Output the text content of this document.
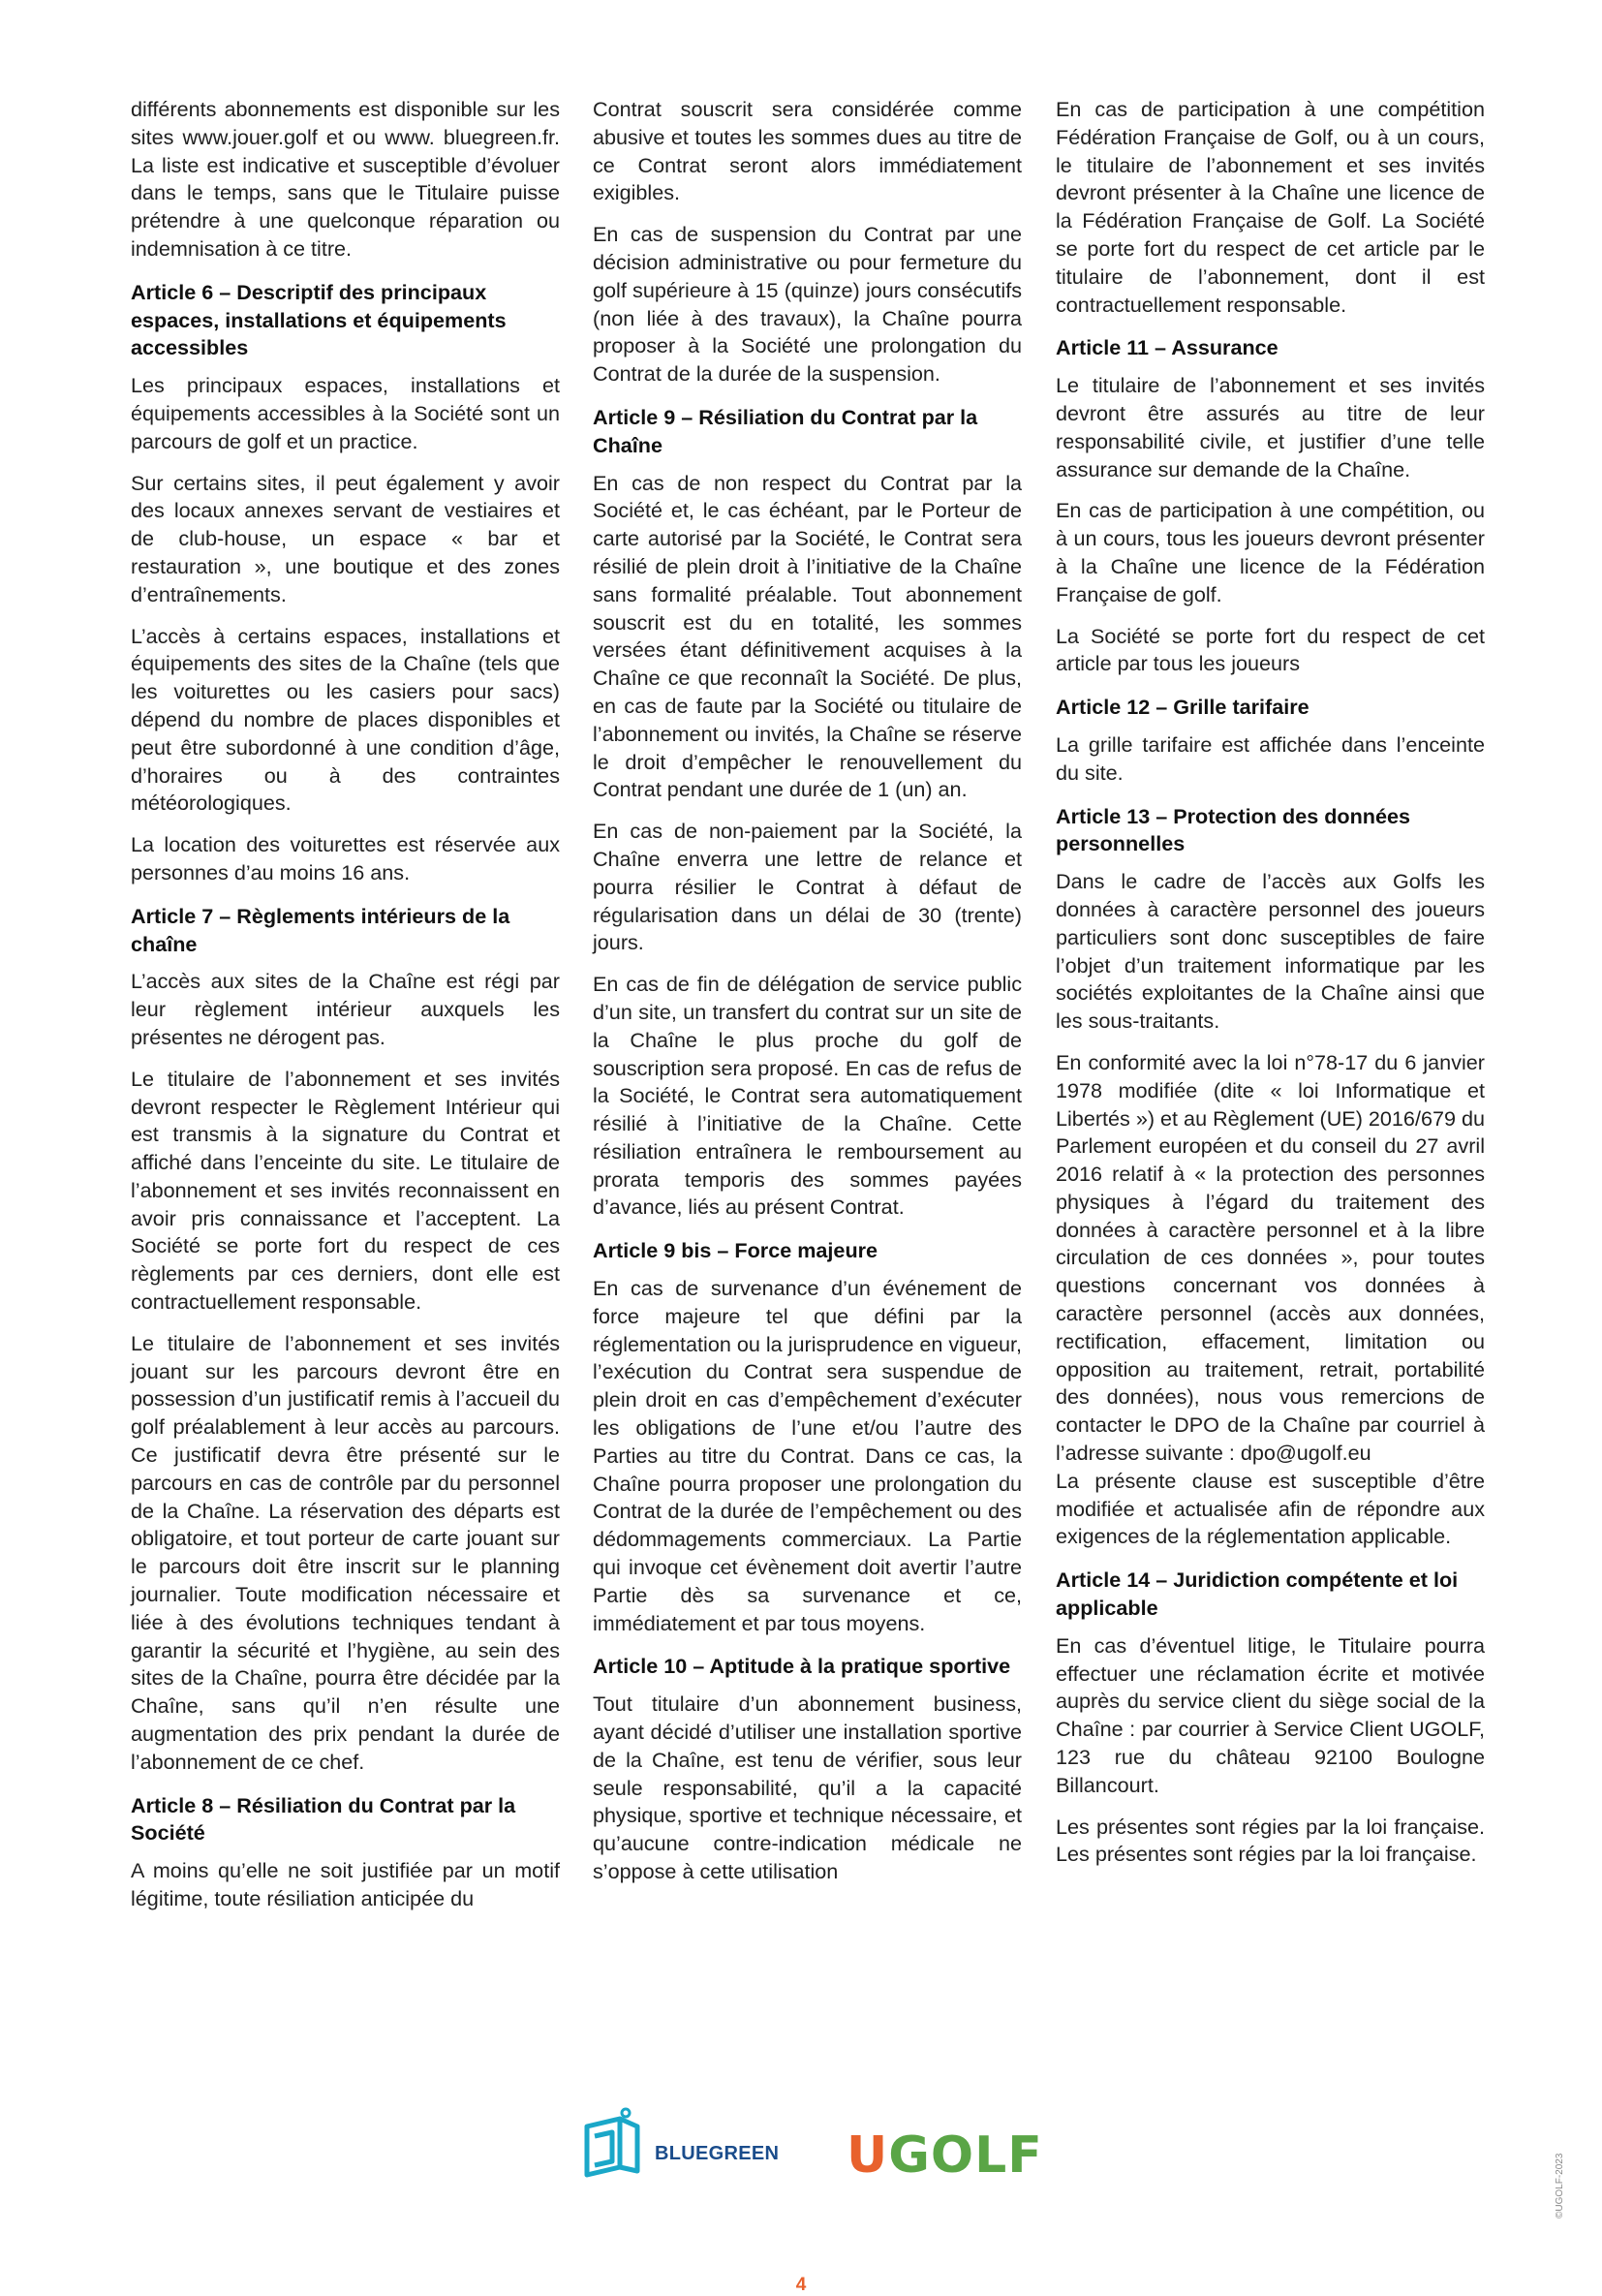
différents abonnements est disponible sur les sites www.jouer.golf et ou www. bluegreen.fr. La liste est indicative et susceptible d’évoluer dans le temps, sans que le Titulaire puisse prétendre à une quelconque réparation ou indemnisation à ce titre.

Article 6 – Descriptif des principaux espaces, installations et équipements accessibles

Les principaux espaces, installations et équipements accessibles à la Société sont un parcours de golf et un practice.

Sur certains sites, il peut également y avoir des locaux annexes servant de vestiaires et de club-house, un espace « bar et restauration », une boutique et des zones d’entraînements.

L’accès à certains espaces, installations et équipements des sites de la Chaîne (tels que les voiturettes ou les casiers pour sacs) dépend du nombre de places disponibles et peut être subordonné à une condition d’âge, d’horaires ou à des contraintes météorologiques.

La location des voiturettes est réservée aux personnes d’au moins 16 ans.

Article 7 – Règlements intérieurs de la chaîne

L’accès aux sites de la Chaîne est régi par leur règlement intérieur auxquels les présentes ne dérogent pas.

Le titulaire de l’abonnement et ses invités devront respecter le Règlement Intérieur qui est transmis à la signature du Contrat et affiché dans l’enceinte du site. Le titulaire de l’abonnement et ses invités reconnaissent en avoir pris connaissance et l’acceptent. La Société se porte fort du respect de ces règlements par ces derniers, dont elle est contractuellement responsable.

Le titulaire de l’abonnement et ses invités jouant sur les parcours devront être en possession d’un justificatif remis à l’accueil du golf préalablement à leur accès au parcours. Ce justificatif devra être présenté sur le parcours en cas de contrôle par du personnel de la Chaîne. La réservation des départs est obligatoire, et tout porteur de carte jouant sur le parcours doit être inscrit sur le planning journalier. Toute modification nécessaire et liée à des évolutions techniques tendant à garantir la sécurité et l’hygiène, au sein des sites de la Chaîne, pourra être décidée par la Chaîne, sans qu’il n’en résulte une augmentation des prix pendant la durée de l’abonnement de ce chef.

Article 8 – Résiliation du Contrat par la Société

A moins qu’elle ne soit justifiée par un motif légitime, toute résiliation anticipée du

Contrat souscrit sera considérée comme abusive et toutes les sommes dues au titre de ce Contrat seront alors immédiatement exigibles.

En cas de suspension du Contrat par une décision administrative ou pour fermeture du golf supérieure à 15 (quinze) jours consécutifs (non liée à des travaux), la Chaîne pourra proposer à la Société une prolongation du Contrat de la durée de la suspension.

Article 9 – Résiliation du Contrat par la Chaîne

En cas de non respect du Contrat par la Société et, le cas échéant, par le Porteur de carte autorisé par la Société, le Contrat sera résilié de plein droit à l’initiative de la Chaîne sans formalité préalable. Tout abonnement souscrit est du en totalité, les sommes versées étant définitivement acquises à la Chaîne ce que reconnaît la Société. De plus, en cas de faute par la Société ou titulaire de l’abonnement ou invités, la Chaîne se réserve le droit d’empêcher le renouvellement du Contrat pendant une durée de 1 (un) an.

En cas de non-paiement par la Société, la Chaîne enverra une lettre de relance et pourra résilier le Contrat à défaut de régularisation dans un délai de 30 (trente) jours.

En cas de fin de délégation de service public d’un site, un transfert du contrat sur un site de la Chaîne le plus proche du golf de souscription sera proposé. En cas de refus de la Société, le Contrat sera automatiquement résilié à l’initiative de la Chaîne. Cette résiliation entraînera le remboursement au prorata temporis des sommes payées d’avance, liés au présent Contrat.

Article 9 bis – Force majeure

En cas de survenance d’un événement de force majeure tel que défini par la réglementation ou la jurisprudence en vigueur, l’exécution du Contrat sera suspendue de plein droit en cas d’empêchement d’exécuter les obligations de l’une et/ou l’autre des Parties au titre du Contrat. Dans ce cas, la Chaîne pourra proposer une prolongation du Contrat de la durée de l’empêchement ou des dédommagements commerciaux. La Partie qui invoque cet évènement doit avertir l’autre Partie dès sa survenance et ce, immédiatement et par tous moyens.

Article 10 – Aptitude à la pratique sportive

Tout titulaire d’un abonnement business, ayant décidé d’utiliser une installation sportive de la Chaîne, est tenu de vérifier, sous leur seule responsabilité, qu’il a la capacité physique, sportive et technique nécessaire, et qu’aucune contre-indication médicale ne s’oppose à cette utilisation

En cas de participation à une compétition Fédération Française de Golf, ou à un cours, le titulaire de l’abonnement et ses invités devront présenter à la Chaîne une licence de la Fédération Française de Golf. La Société se porte fort du respect de cet article par le titulaire de l’abonnement, dont il est contractuellement responsable.

Article 11 – Assurance

Le titulaire de l’abonnement et ses invités devront être assurés au titre de leur responsabilité civile, et justifier d’une telle assurance sur demande de la Chaîne.

En cas de participation à une compétition, ou à un cours, tous les joueurs devront présenter à la Chaîne une licence de la Fédération Française de golf.

La Société se porte fort du respect de cet article par tous les joueurs

Article 12 – Grille tarifaire

La grille tarifaire est affichée dans l’enceinte du site.

Article 13 – Protection des données personnelles

Dans le cadre de l’accès aux Golfs les données à caractère personnel des joueurs particuliers sont donc susceptibles de faire l’objet d’un traitement informatique par les sociétés exploitantes de la Chaîne ainsi que les sous-traitants.

En conformité avec la loi n°78-17 du 6 janvier 1978 modifiée (dite « loi Informatique et Libertés ») et au Règlement (UE) 2016/679 du Parlement européen et du conseil du 27 avril 2016 relatif à « la protection des personnes physiques à l’égard du traitement des données à caractère personnel et à la libre circulation de ces données », pour toutes questions concernant vos données à caractère personnel (accès aux données, rectification, effacement, limitation ou opposition au traitement, retrait, portabilité des données), nous vous remercions de contacter le DPO de la Chaîne par courriel à l’adresse suivante : dpo@ugolf.eu

La présente clause est susceptible d’être modifiée et actualisée afin de répondre aux exigences de la réglementation applicable.

Article 14 – Juridiction compétente et loi applicable

En cas d’éventuel litige, le Titulaire pourra effectuer une réclamation écrite et motivée auprès du service client du siège social de la Chaîne : par courrier à Service Client UGOLF, 123 rue du château 92100 Boulogne Billancourt.

Les présentes sont régies par la loi française. Les présentes sont régies par la loi française.

BLUEGREEN UGOLF
4
©UGOLF-2023
